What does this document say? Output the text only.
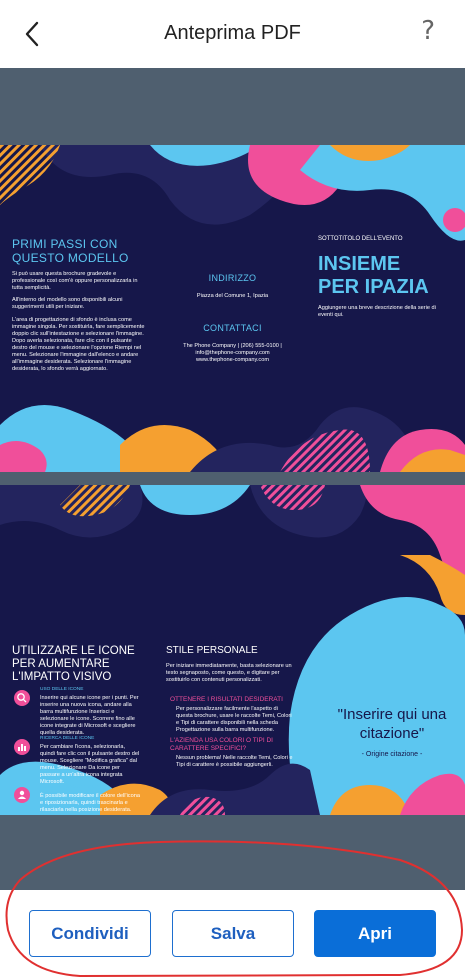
Anteprima PDF	?
PRIMI PASSI CON QUESTO MODELLO
Si può usare questa brochure gradevole e professionale così com'è oppure personalizzarla in tutta semplicità.
All'interno del modello sono disponibili alcuni suggerimenti utili per iniziare.
L'area di progettazione di sfondo è inclusa come immagine singola. Per sostituirla, fare semplicemente doppio clic sull'intestazione e selezionare l'immagine. Dopo averla selezionata, fare clic con il pulsante destro del mouse e selezionare l'opzione Riempi nel menu. Selezionare l'immagine dall'elenco e andare all'immagine desiderata. Selezionare l'immagine desiderata, lo sfondo verrà aggiornato.
INDIRIZZO
Piazza del Comune 1, Ipazia
CONTATTACI
The Phone Company | (206) 555-0100 |
info@thephone-company.com
www.thephone-company.com
SOTTOTITOLO DELL'EVENTO
INSIEME
PER IPAZIA
Aggiungere una breve descrizione della serie di eventi qui.
UTILIZZARE LE ICONE PER AUMENTARE L'IMPATTO VISIVO
USO DELLE ICONE
Inserire qui alcune icone per i punti. Per inserire una nuova icona, andare alla barra multifunzione Inserisci e selezionare le icone. Scorrere fino alle icone integrate di Microsoft e scegliere quella desiderata.
RICERCA DELLE ICONE
Per cambiare l'icona, selezionarla, quindi fare clic con il pulsante destro del mouse. Scegliere "Modifica grafica" dal menu. Selezionare Da icone per passare a un'altra icona integrata Microsoft.
ICONE DI FORMATTAZIONE
È possibile modificare il colore dell'icona e riposizionarla, quindi trascinarla e rilasciarla nella posizione desiderata.
STILE PERSONALE
Per iniziare immediatamente, basta selezionare un testo segnaposto, come questo, e digitare per sostituirlo con contenuti personalizzati.
OTTENERE I RISULTATI DESIDERATI
Per personalizzare facilmente l'aspetto di questa brochure, usare le raccolte Temi, Colori e Tipi di carattere disponibili nella scheda Progettazione sulla barra multifunzione.
L'AZIENDA USA COLORI O TIPI DI CARATTERE SPECIFICI?
Nessun problema! Nelle raccolte Temi, Colori e Tipi di carattere è possibile aggiungerli.
"Inserire qui una citazione"
- Origine citazione -
Condividi	Salva	Apri
